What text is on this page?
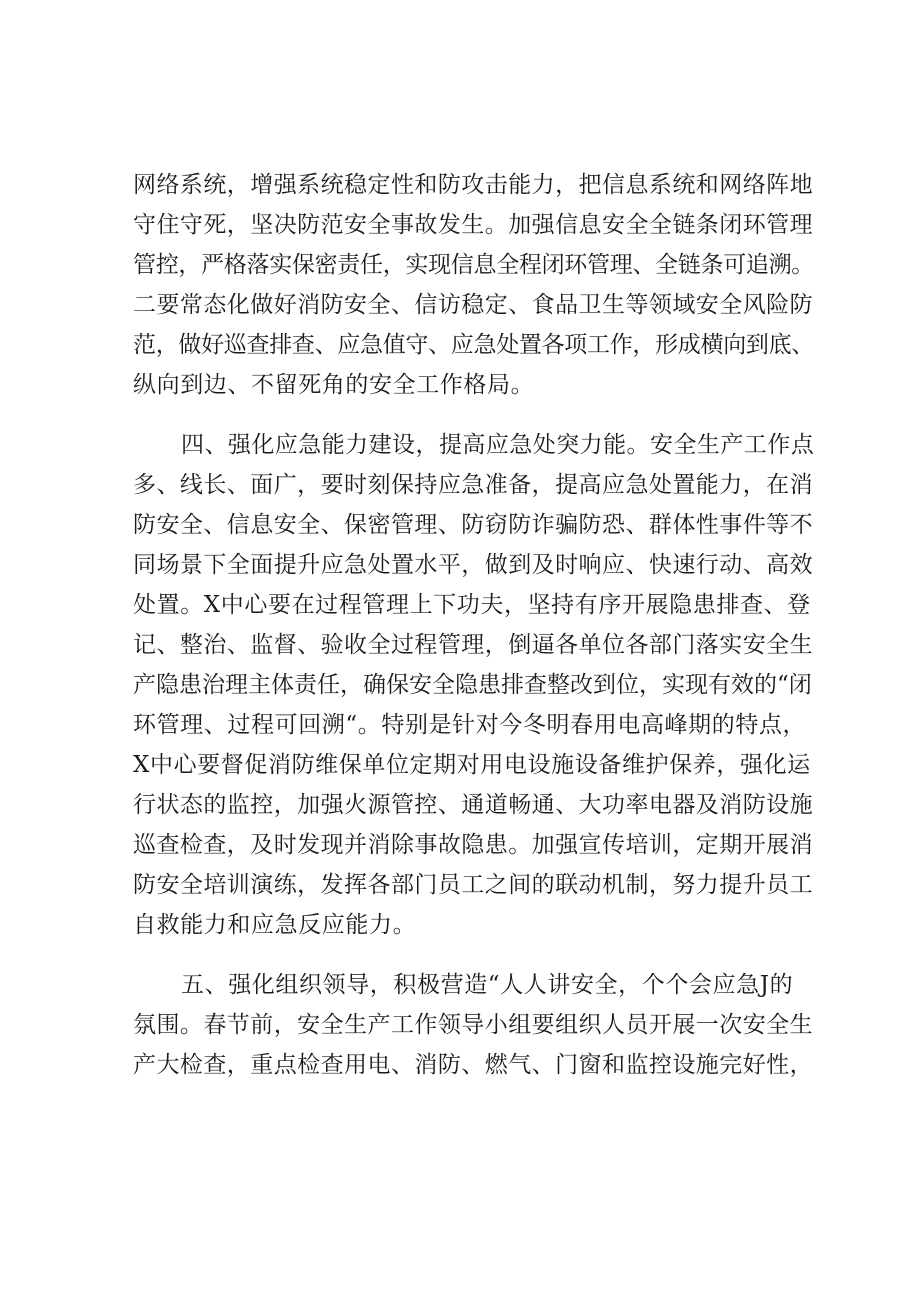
网络系统，增强系统稳定性和防攻击能力，把信息系统和网络阵地
守住守死，坚决防范安全事故发生。加强信息安全全链条闭环管理
管控，严格落实保密责任，实现信息全程闭环管理、全链条可追溯。
二要常态化做好消防安全、信访稳定、食品卫生等领域安全风险防
范，做好巡查排查、应急值守、应急处置各项工作，形成横向到底、
纵向到边、不留死角的安全工作格局。
四、强化应急能力建设，提高应急处突力能。安全生产工作点
多、线长、面广，要时刻保持应急准备，提高应急处置能力，在消
防安全、信息安全、保密管理、防窃防诈骗防恐、群体性事件等不
同场景下全面提升应急处置水平，做到及时响应、快速行动、高效
处置。X中心要在过程管理上下功夫，坚持有序开展隐患排查、登
记、整治、监督、验收全过程管理，倒逼各单位各部门落实安全生
产隐患治理主体责任，确保安全隐患排查整改到位，实现有效的“闭
环管理、过程可回溯“。特别是针对今冬明春用电高峰期的特点，
X中心要督促消防维保单位定期对用电设施设备维护保养，强化运
行状态的监控，加强火源管控、通道畅通、大功率电器及消防设施
巡查检查，及时发现并消除事故隐患。加强宣传培训，定期开展消
防安全培训演练，发挥各部门员工之间的联动机制，努力提升员工
自救能力和应急反应能力。
五、强化组织领导，积极营造“人人讲安全，个个会应急J的
氛围。春节前，安全生产工作领导小组要组织人员开展一次安全生
产大检查，重点检查用电、消防、燃气、门窗和监控设施完好性，
